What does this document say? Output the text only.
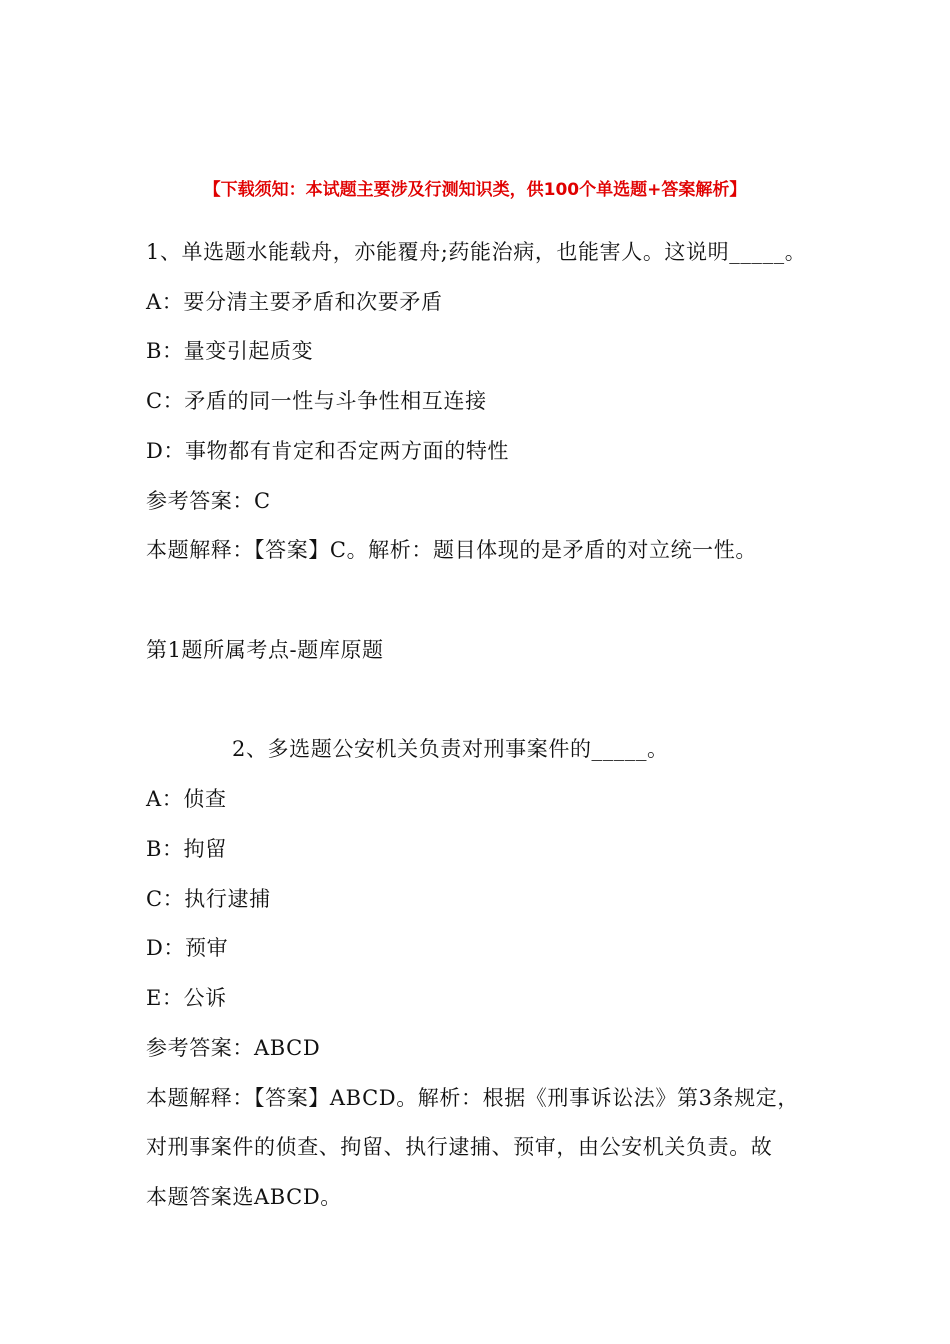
【下载须知：本试题主要涉及行测知识类，供100个单选题+答案解析】
1、单选题水能载舟，亦能覆舟;药能治病，也能害人。这说明_____。
A：要分清主要矛盾和次要矛盾
B：量变引起质变
C：矛盾的同一性与斗争性相互连接
D：事物都有肯定和否定两方面的特性
参考答案：C
本题解释：【答案】C。解析：题目体现的是矛盾的对立统一性。
第1题所属考点-题库原题
2、多选题公安机关负责对刑事案件的_____。
A：侦查
B：拘留
C：执行逮捕
D：预审
E：公诉
参考答案：ABCD
本题解释：【答案】ABCD。解析：根据《刑事诉讼法》第3条规定，
对刑事案件的侦查、拘留、执行逮捕、预审，由公安机关负责。故
本题答案选ABCD。
